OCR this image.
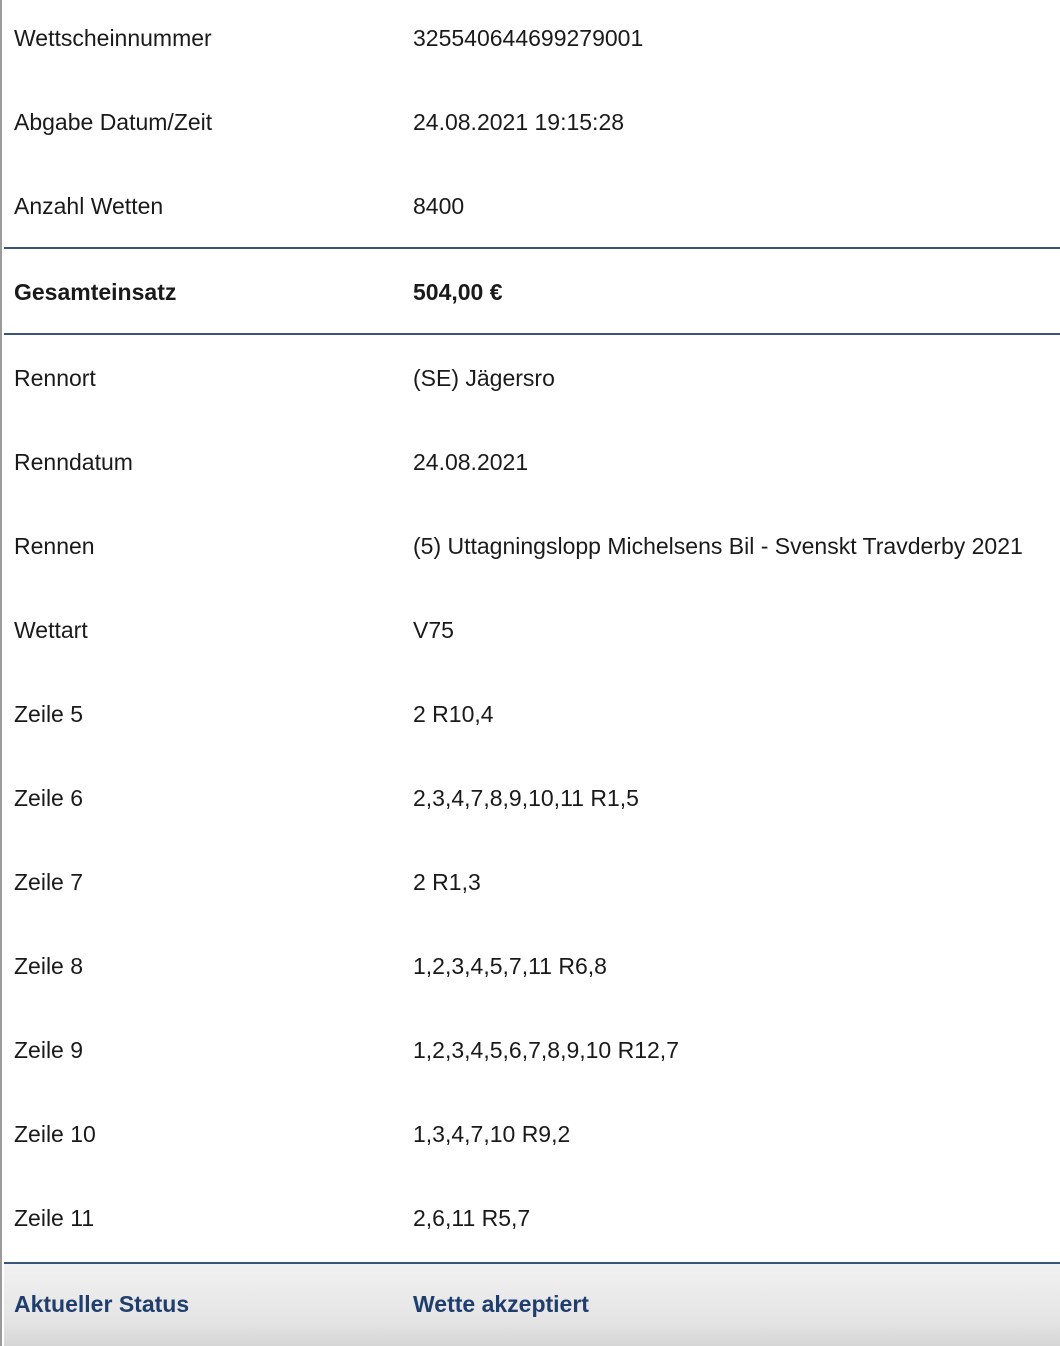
Wettscheinnummer	325540644699279001
Abgabe Datum/Zeit	24.08.2021 19:15:28
Anzahl Wetten	8400
Gesamteinsatz	504,00 €
Rennort	(SE) Jägersro
Renndatum	24.08.2021
Rennen	(5) Uttagningslopp Michelsens Bil - Svenskt Travderby 2021
Wettart	V75
Zeile 5	2 R10,4
Zeile 6	2,3,4,7,8,9,10,11 R1,5
Zeile 7	2 R1,3
Zeile 8	1,2,3,4,5,7,11 R6,8
Zeile 9	1,2,3,4,5,6,7,8,9,10 R12,7
Zeile 10	1,3,4,7,10 R9,2
Zeile 11	2,6,11 R5,7
Aktueller Status	Wette akzeptiert
